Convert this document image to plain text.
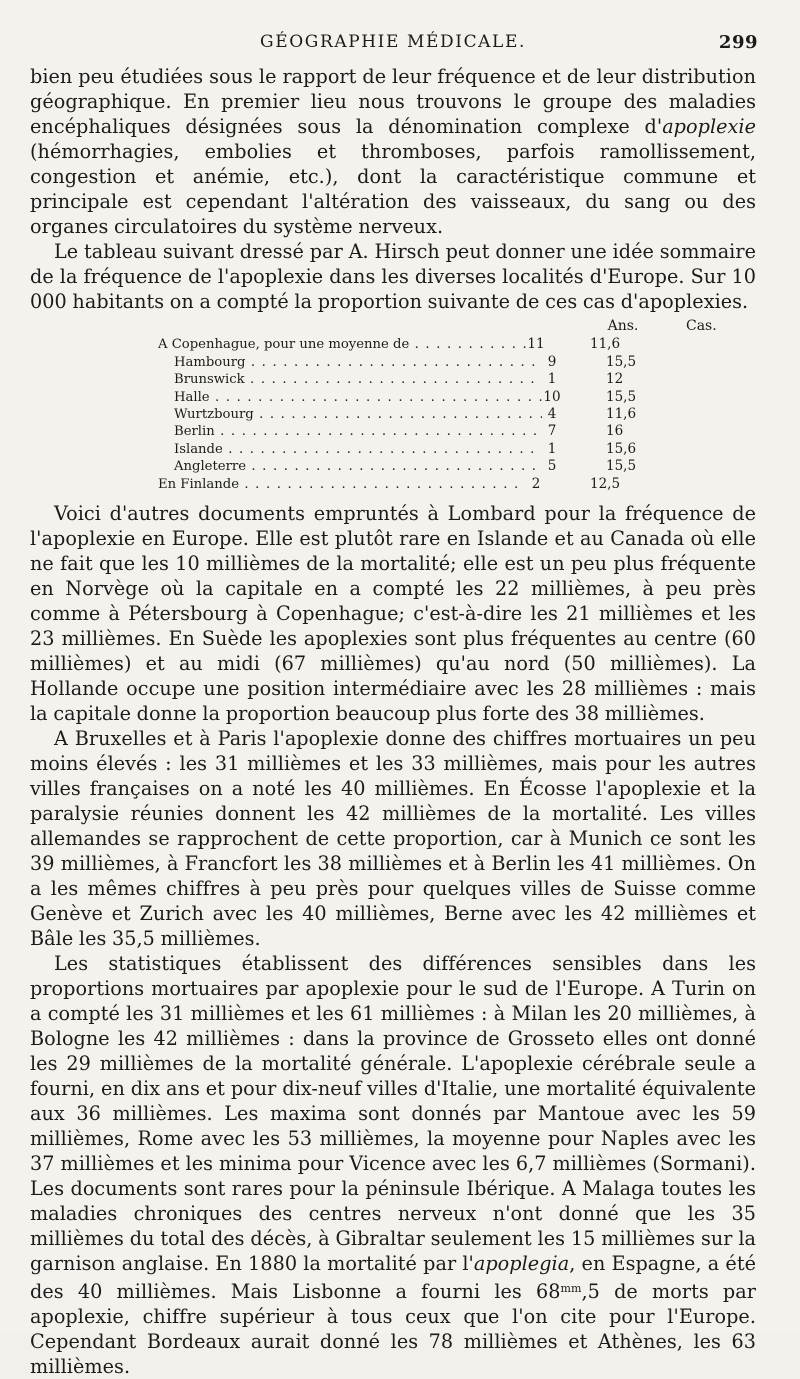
GÉOGRAPHIE MÉDICALE.	299

bien peu étudiées sous le rapport de leur fréquence et de leur distribution géographique. En premier lieu nous trouvons le groupe des maladies encéphaliques désignées sous la dénomination complexe d'apoplexie (hémorrhagies, embolies et thromboses, parfois ramollissement, congestion et anémie, etc.), dont la caractéristique commune et principale est cependant l'altération des vaisseaux, du sang ou des organes circulatoires du système nerveux.

Le tableau suivant dressé par A. Hirsch peut donner une idée sommaire de la fréquence de l'apoplexie dans les diverses localités d'Europe. Sur 10 000 habitants on a compté la proportion suivante de ces cas d'apoplexies.

Ans.	Cas.
A Copenhague, pour une moyenne de . . .	11	11,6
Hambourg . . .	9	15,5
Brunswick . . .	1	12
Halle . . .	10	15,5
Wurtzbourg . . .	4	11,6
Berlin . . .	7	16
Islande . . .	1	15,6
Angleterre . . .	5	15,5
En Finlande . . .	2	12,5

Voici d'autres documents empruntés à Lombard pour la fréquence de l'apoplexie en Europe. Elle est plutôt rare en Islande et au Canada où elle ne fait que les 10 millièmes de la mortalité; elle est un peu plus fréquente en Norvège où la capitale en a compté les 22 millièmes, à peu près comme à Pétersbourg à Copenhague; c'est-à-dire les 21 millièmes et les 23 millièmes. En Suède les apoplexies sont plus fréquentes au centre (60 millièmes) et au midi (67 millièmes) qu'au nord (50 millièmes). La Hollande occupe une position intermédiaire avec les 28 millièmes : mais la capitale donne la proportion beaucoup plus forte des 38 millièmes.

A Bruxelles et à Paris l'apoplexie donne des chiffres mortuaires un peu moins élevés : les 31 millièmes et les 33 millièmes, mais pour les autres villes françaises on a noté les 40 millièmes. En Écosse l'apoplexie et la paralysie réunies donnent les 42 millièmes de la mortalité. Les villes allemandes se rapprochent de cette proportion, car à Munich ce sont les 39 millièmes, à Francfort les 38 millièmes et à Berlin les 41 millièmes. On a les mêmes chiffres à peu près pour quelques villes de Suisse comme Genève et Zurich avec les 40 millièmes, Berne avec les 42 millièmes et Bâle les 35,5 millièmes.

Les statistiques établissent des différences sensibles dans les proportions mortuaires par apoplexie pour le sud de l'Europe. A Turin on a compté les 31 millièmes et les 61 millièmes : à Milan les 20 millièmes, à Bologne les 42 millièmes : dans la province de Grosseto elles ont donné les 29 millièmes de la mortalité générale. L'apoplexie cérébrale seule a fourni, en dix ans et pour dix-neuf villes d'Italie, une mortalité équivalente aux 36 millièmes. Les maxima sont donnés par Mantoue avec les 59 millièmes, Rome avec les 53 millièmes, la moyenne pour Naples avec les 37 millièmes et les minima pour Vicence avec les 6,7 millièmes (Sormani). Les documents sont rares pour la péninsule Ibérique. A Malaga toutes les maladies chroniques des centres nerveux n'ont donné que les 35 millièmes du total des décès, à Gibraltar seulement les 15 millièmes sur la garnison anglaise. En 1880 la mortalité par l'apoplegia, en Espagne, a été des 40 millièmes. Mais Lisbonne a fourni les $68^{mm},5$ de morts par apoplexie, chiffre supérieur à tous ceux que l'on cite pour l'Europe. Cependant Bordeaux aurait donné les 78 millièmes et Athènes, les 63 millièmes.
